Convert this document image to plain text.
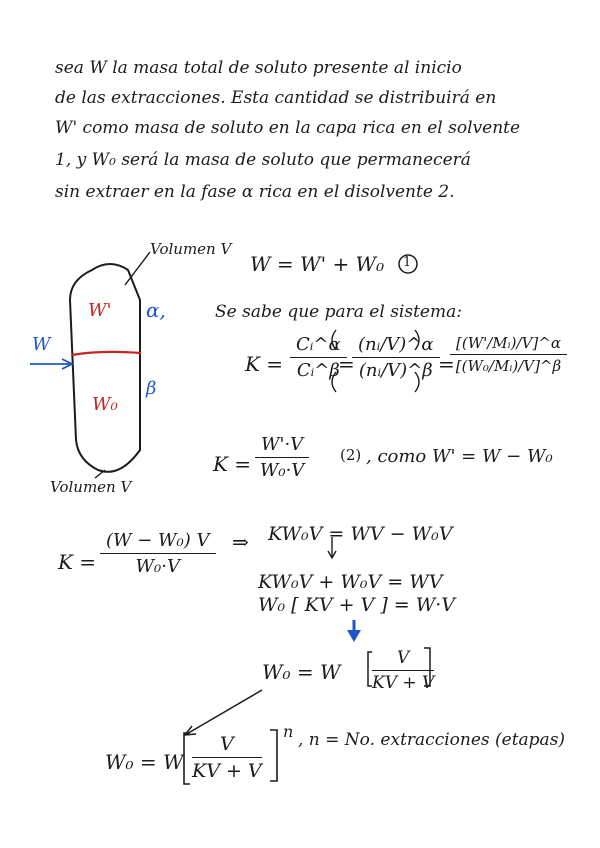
sea W la masa total de soluto presente al inicio
de las extracciones. Esta cantidad se distribuirá en
W' como masa de soluto en la capa rica en el solvente
1, y W₀ será la masa de soluto que permanecerá
sin extraer en la fase α rica en el disolvente 2.
Volumen V
Volumen V
W
W'
W₀
α,
β
W = W' + W₀ 1
Se sabe que para el sistema:
$K = \frac{\text{Cᵢ\textasciicircum{}α}}{\text{Cᵢ\textasciicircum{}β}}$
=
$\frac{\text{(nᵢ/V)\textasciicircum{}α}}{\text{(nᵢ/V)\textasciicircum{}β}}$
=
$\frac{\text{[(W'/Mᵢ)/V]\textasciicircum{}α}}{\text{[(W₀/Mᵢ)/V]\textasciicircum{}β}}$
$K = \frac{W'\cdot V}{\text{W₀·V}} (2)$ , como W' = W − W₀
$K = \frac{\text{(W − W₀) V}}{\text{W₀·V}}$ ⇒ KW₀V = WV − W₀V
KW₀V + W₀V = WV
W₀ [ KV + V ] = W·V
W₀ = W $\frac{V}{KV + V}$
W₀ = W $\frac{V}{KV + V}$
n , n = No. extracciones (etapas)
